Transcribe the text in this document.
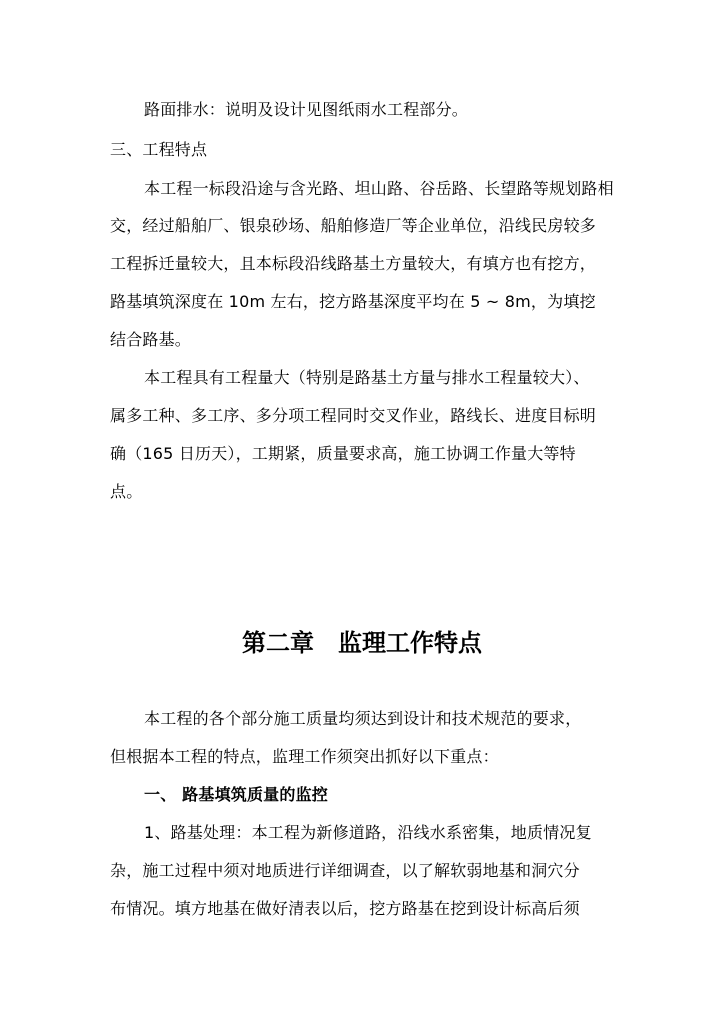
路面排水：说明及设计见图纸雨水工程部分。
三、工程特点
本工程一标段沿途与含光路、坦山路、谷岳路、长望路等规划路相
交，经过船舶厂、银泉砂场、船舶修造厂等企业单位，沿线民房较多
工程拆迁量较大，且本标段沿线路基土方量较大，有填方也有挖方，
路基填筑深度在 10m 左右，挖方路基深度平均在 5 ~ 8m，为填挖
结合路基。
本工程具有工程量大（特别是路基土方量与排水工程量较大）、
属多工种、多工序、多分项工程同时交叉作业，路线长、进度目标明
确（165 日历天），工期紧，质量要求高，施工协调工作量大等特
点。
第二章　监理工作特点
本工程的各个部分施工质量均须达到设计和技术规范的要求，
但根据本工程的特点，监理工作须突出抓好以下重点：
一、 路基填筑质量的监控
1、路基处理：本工程为新修道路，沿线水系密集，地质情况复
杂，施工过程中须对地质进行详细调查，以了解软弱地基和洞穴分
布情况。填方地基在做好清表以后，挖方路基在挖到设计标高后须
